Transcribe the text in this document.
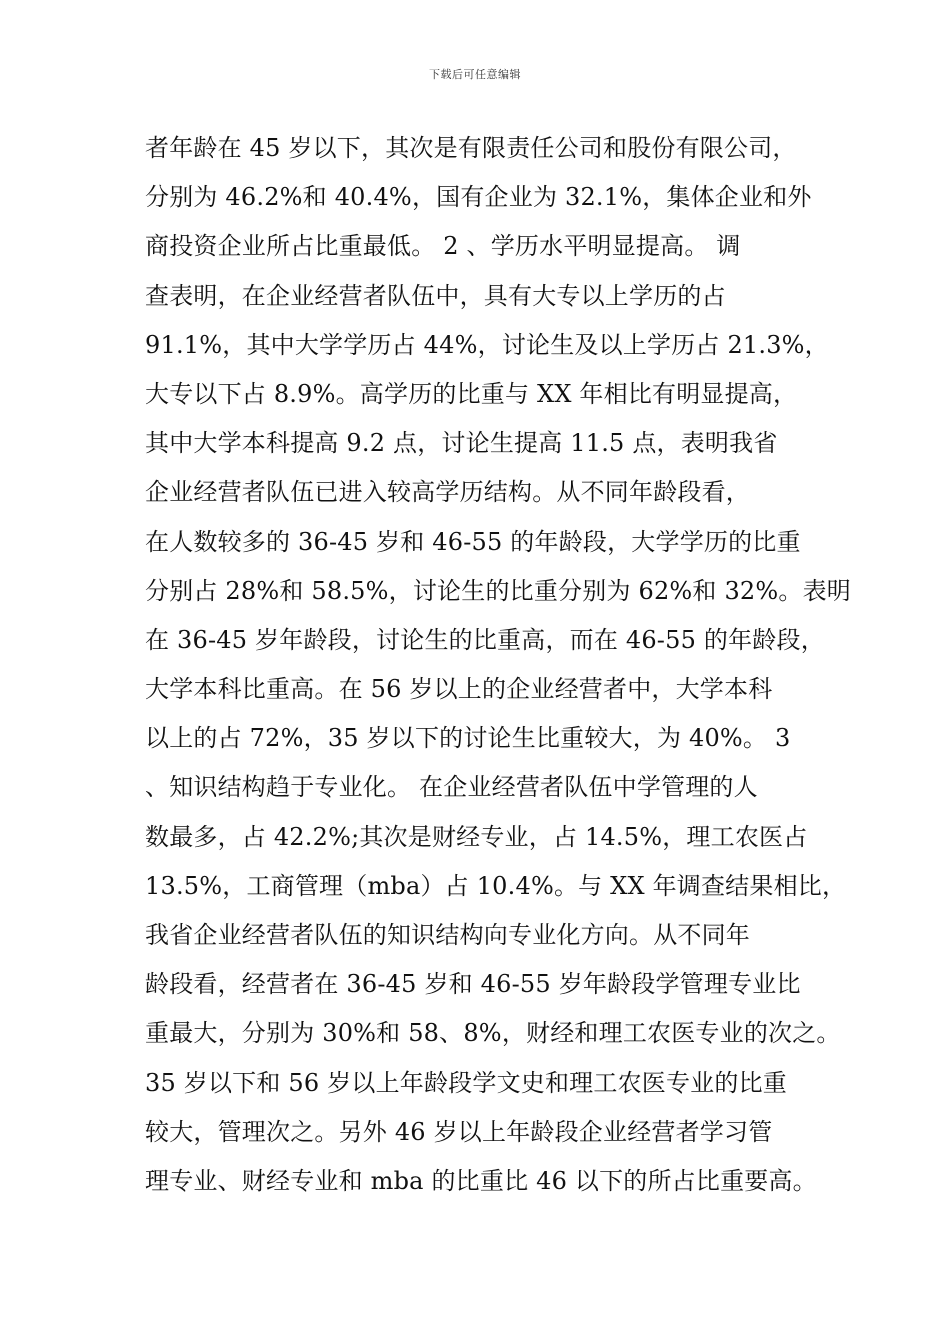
下载后可任意编辑
者年龄在 45 岁以下，其次是有限责任公司和股份有限公司，
分别为 46.2%和 40.4%，国有企业为 32.1%，集体企业和外
商投资企业所占比重最低。 2 、学历水平明显提高。 调
查表明，在企业经营者队伍中，具有大专以上学历的占
91.1%，其中大学学历占 44%，讨论生及以上学历占 21.3%，
大专以下占 8.9%。高学历的比重与 XX 年相比有明显提高，
其中大学本科提高 9.2 点，讨论生提高 11.5 点，表明我省
企业经营者队伍已进入较高学历结构。从不同年龄段看，
在人数较多的 36-45 岁和 46-55 的年龄段，大学学历的比重
分别占 28%和 58.5%，讨论生的比重分别为 62%和 32%。表明
在 36-45 岁年龄段，讨论生的比重高，而在 46-55 的年龄段，
大学本科比重高。在 56 岁以上的企业经营者中，大学本科
以上的占 72%，35 岁以下的讨论生比重较大，为 40%。 3
、知识结构趋于专业化。 在企业经营者队伍中学管理的人
数最多，占 42.2%;其次是财经专业，占 14.5%，理工农医占
13.5%，工商管理（mba）占 10.4%。与 XX 年调查结果相比，
我省企业经营者队伍的知识结构向专业化方向。从不同年
龄段看，经营者在 36-45 岁和 46-55 岁年龄段学管理专业比
重最大，分别为 30%和 58、8%，财经和理工农医专业的次之。
35 岁以下和 56 岁以上年龄段学文史和理工农医专业的比重
较大，管理次之。另外 46 岁以上年龄段企业经营者学习管
理专业、财经专业和 mba 的比重比 46 以下的所占比重要高。
